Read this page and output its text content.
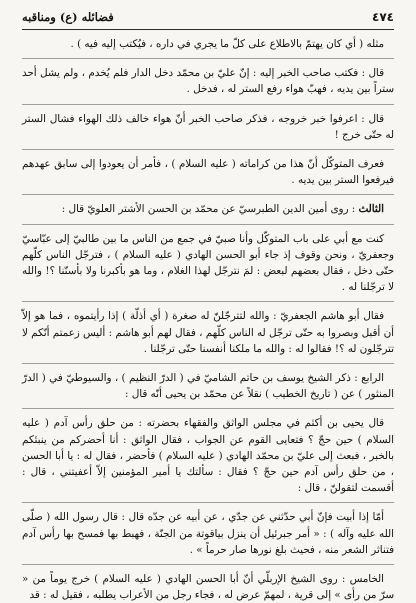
٤٧٤
فضائله (ع) ومناقبه

مثله ( أي كان يهتمّ بالاطلاع على كلّ ما يجري في داره ، فيُكتب إليه فيه ) .

قال : فكتب صاحب الخبر إليه : إنّ عليّ بن محمّد دخل الدار فلم يُخدم ، ولم يشل أحد ستراً بين يديه ، فهبّ هواء رفع الستر له ، فدخل .

قال : اعرفوا خبر خروجه ، فذكر صاحب الخبر أنّ هواء خالف ذلك الهواء فشال الستر له حتّى خرج !

فعرف المتوكّل أنّ هذا من كراماته ( عليه السلام ) ، فأمر أن يعودوا إلى سابق عهدهم فيرفعوا الستر بين يديه .

الثالث : روى أمين الدين الطبرسيّ عن محمّد بن الحسن الأشتر العلويّ قال :

كنت مع أبي على باب المتوكّل وأنا صبيّ في جمع من الناس ما بين طالبيّ إلى عبّاسيّ وجعفريّ ، ونحن وقوف إذ جاء أبو الحسن الهادي ( عليه السلام ) ، فترجّل الناس كلّهم حتّى دخل ، فقال بعضهم لبعض : لمَ نترجّل لهذا الغلام ، وما هو بأكبرنا ولا بأسنّنا ؟! والله لا ترجّلنا له .

فقال أبو هاشم الجعفريّ : والله لتترجّلنّ له صغرة ( أي أذلّة ) إذا رأيتموه ، فما هو إلاّ أن أقبل وبصروا به حتّى ترجّل له الناس كلّهم ، فقال لهم أبو هاشم : أليس زعمتم أنّكم لا تترجّلون له ؟! فقالوا له : والله ما ملكنا أنفسنا حتّى ترجّلنا .

الرابع : ذكر الشيخ يوسف بن حاتم الشاميّ في ( الدرّ النظيم ) ، والسيوطيّ في ( الدرّ المنثور ) عن ( تاريخ الخطيب ) نقلاً عن محمّد بن يحيى أنّه قال :

قال يحيى بن أكثم في مجلس الواثق والفقهاء بحضرته : من حلق رأس آدم ( عليه السلام ) حين حجّ ؟ فتعايى القوم عن الجواب ، فقال الواثق : أنا أحضركم من ينبئكم بالخبر ، فبعث إلى عليّ بن محمّد الهادي ( عليه السلام ) فأحضر ، فقال له : يا أبا الحسن ، من حلق رأس آدم حين حجّ ؟ فقال : سألتك يا أمير المؤمنين إلاّ أعفيتني ، قال : أقسمت لتقولنّ ، قال :

أمّا إذا أبيت فإنّ أبي حدّثني عن جدّي ، عن أبيه عن جدّه قال : قال رسول الله ( صلّى الله عليه وآله ) : « أمر جبرئيل أن ينزل بياقوتة من الجنّة ، فهبط بها فمسح بها رأس آدم فتناثر الشعر منه ، فحيث بلغ نورها صار حرماً » .

الخامس : روى الشيخ الإربلّي أنّ أبا الحسن الهادي ( عليه السلام ) خرج يوماً من « سرّ من رأى » إلى قرية ، لمهمّ عرض له ، فجاء رجل من الأعراب يطلبه ، فقيل له : قد
